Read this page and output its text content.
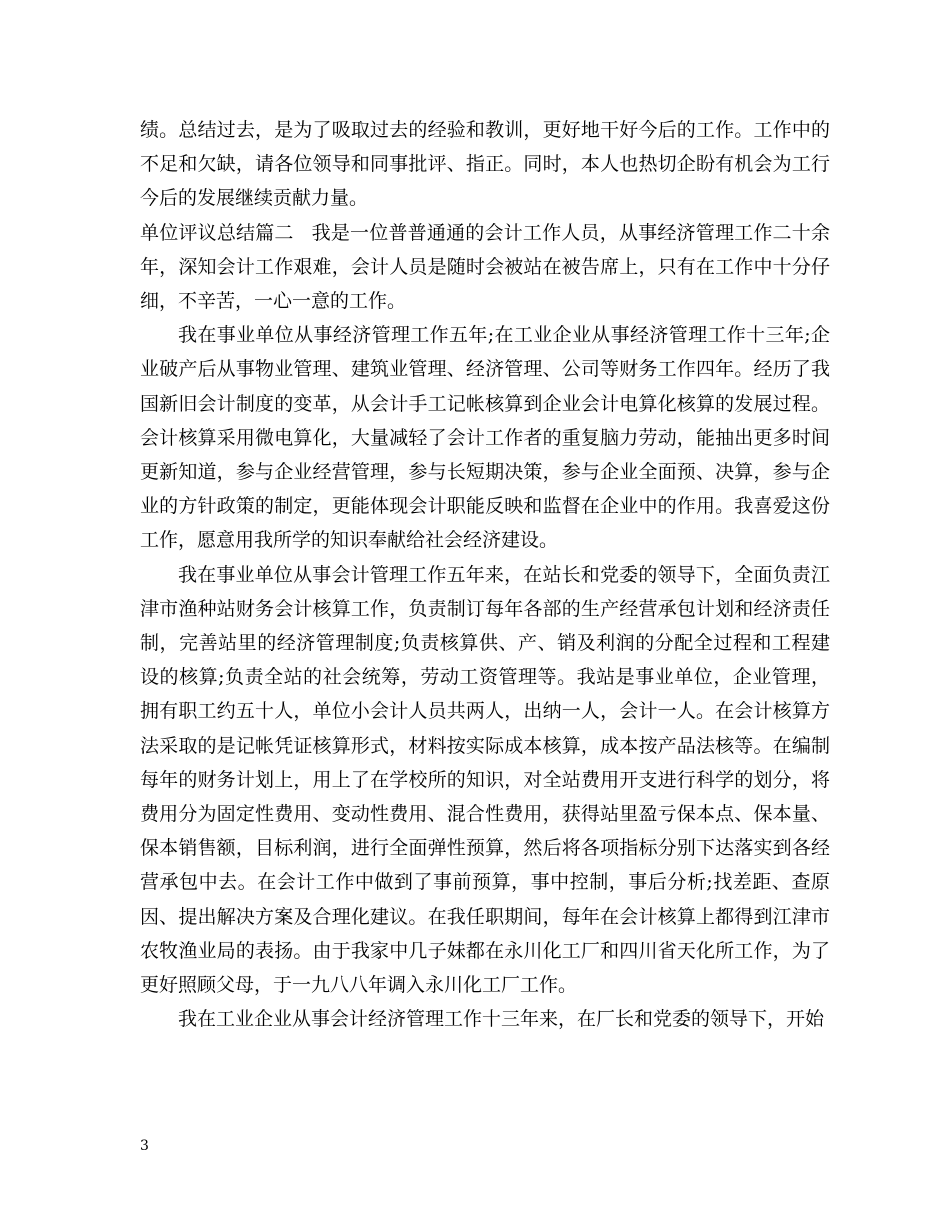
绩。总结过去，是为了吸取过去的经验和教训，更好地干好今后的工作。工作中的不足和欠缺，请各位领导和同事批评、指正。同时，本人也热切企盼有机会为工行今后的发展继续贡献力量。

单位评议总结篇二 我是一位普普通通的会计工作人员，从事经济管理工作二十余年，深知会计工作艰难，会计人员是随时会被站在被告席上，只有在工作中十分仔细，不辛苦，一心一意的工作。

我在事业单位从事经济管理工作五年;在工业企业从事经济管理工作十三年;企业破产后从事物业管理、建筑业管理、经济管理、公司等财务工作四年。经历了我国新旧会计制度的变革，从会计手工记帐核算到企业会计电算化核算的发展过程。会计核算采用微电算化，大量减轻了会计工作者的重复脑力劳动，能抽出更多时间更新知道，参与企业经营管理，参与长短期决策，参与企业全面预、决算，参与企业的方针政策的制定，更能体现会计职能反映和监督在企业中的作用。我喜爱这份工作，愿意用我所学的知识奉献给社会经济建设。

我在事业单位从事会计管理工作五年来，在站长和党委的领导下，全面负责江津市渔种站财务会计核算工作，负责制订每年各部的生产经营承包计划和经济责任制，完善站里的经济管理制度;负责核算供、产、销及利润的分配全过程和工程建设的核算;负责全站的社会统筹，劳动工资管理等。我站是事业单位，企业管理，拥有职工约五十人，单位小会计人员共两人，出纳一人，会计一人。在会计核算方法采取的是记帐凭证核算形式，材料按实际成本核算，成本按产品法核等。在编制每年的财务计划上，用上了在学校所的知识，对全站费用开支进行科学的划分，将费用分为固定性费用、变动性费用、混合性费用，获得站里盈亏保本点、保本量、保本销售额，目标利润，进行全面弹性预算，然后将各项指标分别下达落实到各经营承包中去。在会计工作中做到了事前预算，事中控制，事后分析;找差距、查原因、提出解决方案及合理化建议。在我任职期间，每年在会计核算上都得到江津市农牧渔业局的表扬。由于我家中几子妹都在永川化工厂和四川省天化所工作，为了更好照顾父母，于一九八八年调入永川化工厂工作。

我在工业企业从事会计经济管理工作十三年来，在厂长和党委的领导下，开始

3
